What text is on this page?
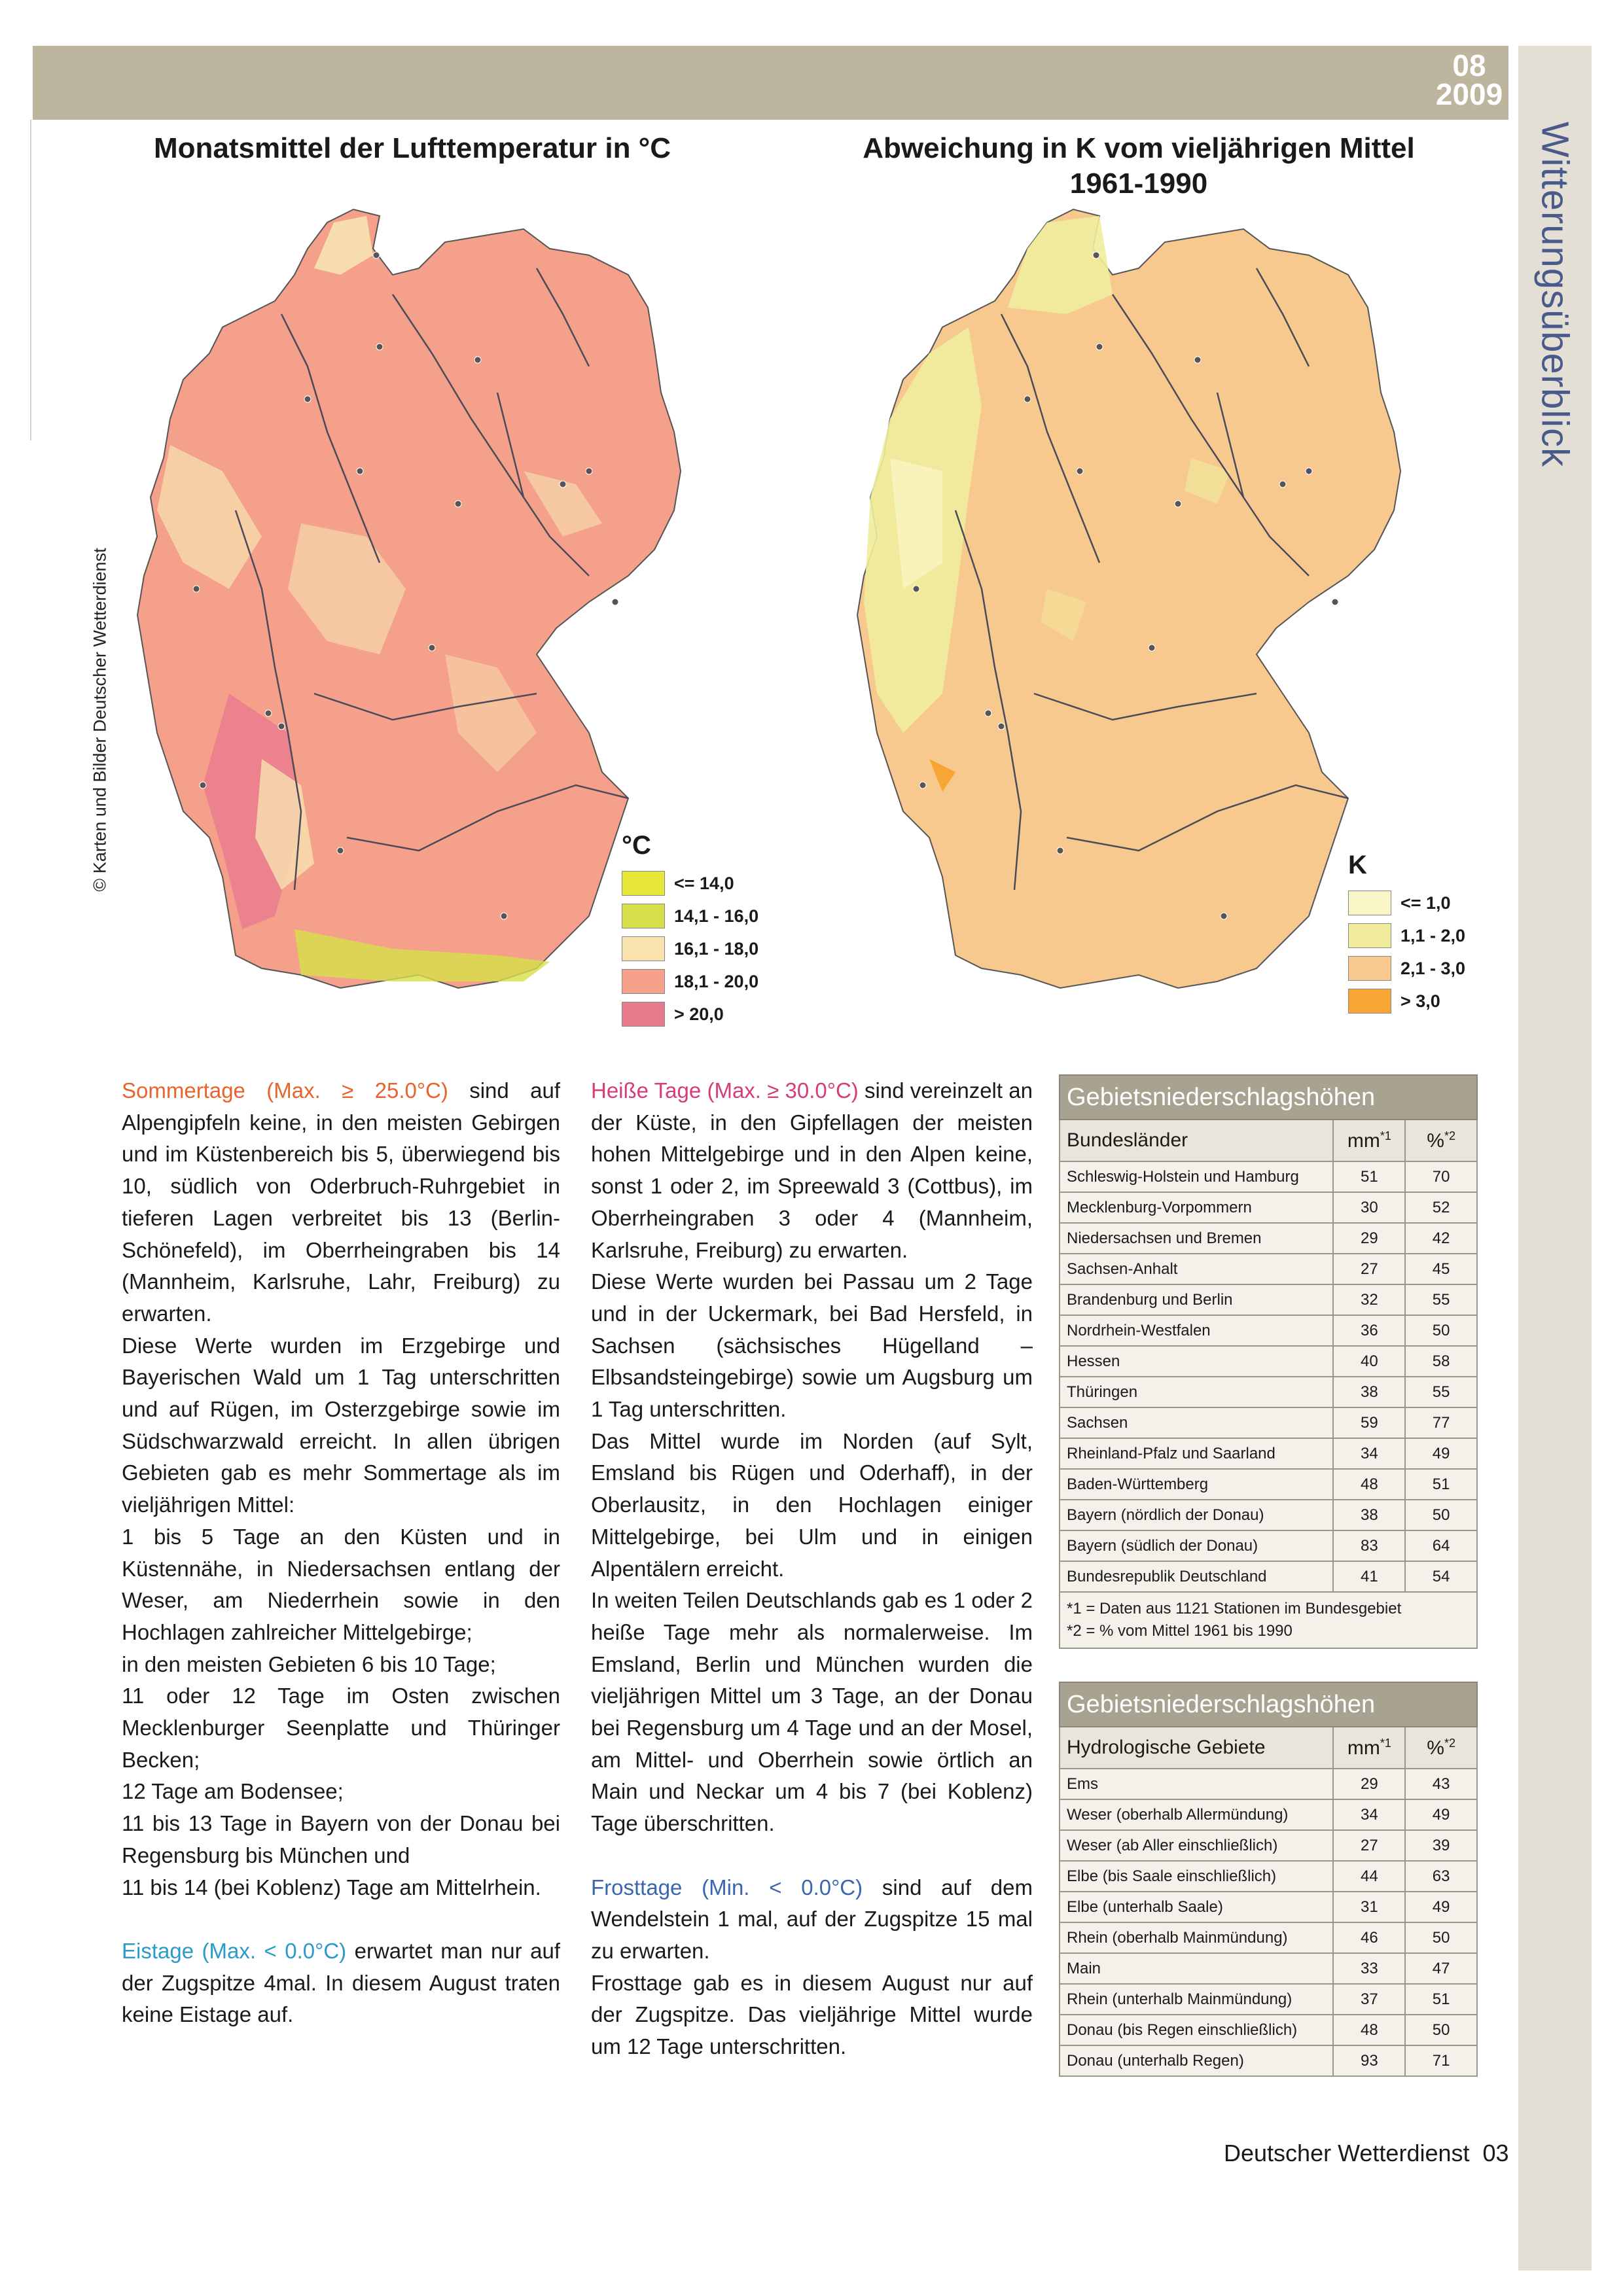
08
2009
Witterungsüberblick
© Karten und Bilder Deutscher Wetterdienst
Monatsmittel der Lufttemperatur in °C	Abweichung in K vom vieljährigen Mittel
1961-1990
°C
<= 14,0
14,1 - 16,0
16,1 - 18,0
18,1 - 20,0
> 20,0
K
<= 1,0
1,1 - 2,0
2,1 - 3,0
> 3,0

Sommertage (Max. ≥ 25.0°C) sind auf Alpengipfeln keine, in den meisten Gebirgen und im Küstenbereich bis 5, überwiegend bis 10, südlich von Oderbruch-Ruhrgebiet in tieferen Lagen verbreitet bis 13 (Berlin-Schönefeld), im Oberrheingraben bis 14 (Mannheim, Karlsruhe, Lahr, Freiburg) zu erwarten.

Diese Werte wurden im Erzgebirge und Bayerischen Wald um 1 Tag unterschritten und auf Rügen, im Osterzgebirge sowie im Südschwarzwald erreicht. In allen übrigen Gebieten gab es mehr Sommertage als im vieljährigen Mittel:

1 bis 5 Tage an den Küsten und in Küstennähe, in Niedersachsen entlang der Weser, am Niederrhein sowie in den Hochlagen zahlreicher Mittelgebirge;

in den meisten Gebieten 6 bis 10 Tage;

11 oder 12 Tage im Osten zwischen Mecklenburger Seenplatte und Thüringer Becken;

12 Tage am Bodensee;

11 bis 13 Tage in Bayern von der Donau bei Regensburg bis München und

11 bis 14 (bei Koblenz) Tage am Mittelrhein.

Eistage (Max. < 0.0°C) erwartet man nur auf der Zugspitze 4mal. In diesem August traten keine Eistage auf.

Heiße Tage (Max. ≥ 30.0°C) sind vereinzelt an der Küste, in den Gipfellagen der meisten hohen Mittelgebirge und in den Alpen keine, sonst 1 oder 2, im Spreewald 3 (Cottbus), im Oberrheingraben 3 oder 4 (Mannheim, Karlsruhe, Freiburg) zu erwarten.

Diese Werte wurden bei Passau um 2 Tage und in der Uckermark, bei Bad Hersfeld, in Sachsen (sächsisches Hügelland – Elbsandsteingebirge) sowie um Augsburg um 1 Tag unterschritten.

Das Mittel wurde im Norden (auf Sylt, Emsland bis Rügen und Oderhaff), in der Oberlausitz, in den Hochlagen einiger Mittelgebirge, bei Ulm und in einigen Alpentälern erreicht.

In weiten Teilen Deutschlands gab es 1 oder 2 heiße Tage mehr als normalerweise. Im Emsland, Berlin und München wurden die vieljährigen Mittel um 3 Tage, an der Donau bei Regensburg um 4 Tage und an der Mosel, am Mittel- und Oberrhein sowie örtlich an Main und Neckar um 4 bis 7 (bei Koblenz) Tage überschritten.

Frosttage (Min. < 0.0°C) sind auf dem Wendelstein 1 mal, auf der Zugspitze 15 mal zu erwarten.

Frosttage gab es in diesem August nur auf der Zugspitze. Das vieljährige Mittel wurde um 12 Tage unterschritten.

Gebietsniederschlagshöhen		
Bundesländer	$mm^{*1}$	%$^{*2}$
Schleswig-Holstein und Hamburg	51	70
Mecklenburg-Vorpommern	30	52
Niedersachsen und Bremen	29	42
Sachsen-Anhalt	27	45
Brandenburg und Berlin	32	55
Nordrhein-Westfalen	36	50
Hessen	40	58
Thüringen	38	55
Sachsen	59	77
Rheinland-Pfalz und Saarland	34	49
Baden-Württemberg	48	51
Bayern (nördlich der Donau)	38	50
Bayern (südlich der Donau)	83	64
Bundesrepublik Deutschland	41	54

*1 = Daten aus 1121 Stationen im Bundesgebiet
*2 = % vom Mittel 1961 bis 1990		
Gebietsniederschlagshöhen		
Hydrologische Gebiete	$mm^{*1}$	%$^{*2}$
Ems	29	43
Weser (oberhalb Allermündung)	34	49
Weser (ab Aller einschließlich)	27	39
Elbe (bis Saale einschließlich)	44	63
Elbe (unterhalb Saale)	31	49
Rhein (oberhalb Mainmündung)	46	50
Main	33	47
Rhein (unterhalb Mainmündung)	37	51
Donau (bis Regen einschließlich)	48	50
Donau (unterhalb Regen)	93	71
Deutscher Wetterdienst 03
